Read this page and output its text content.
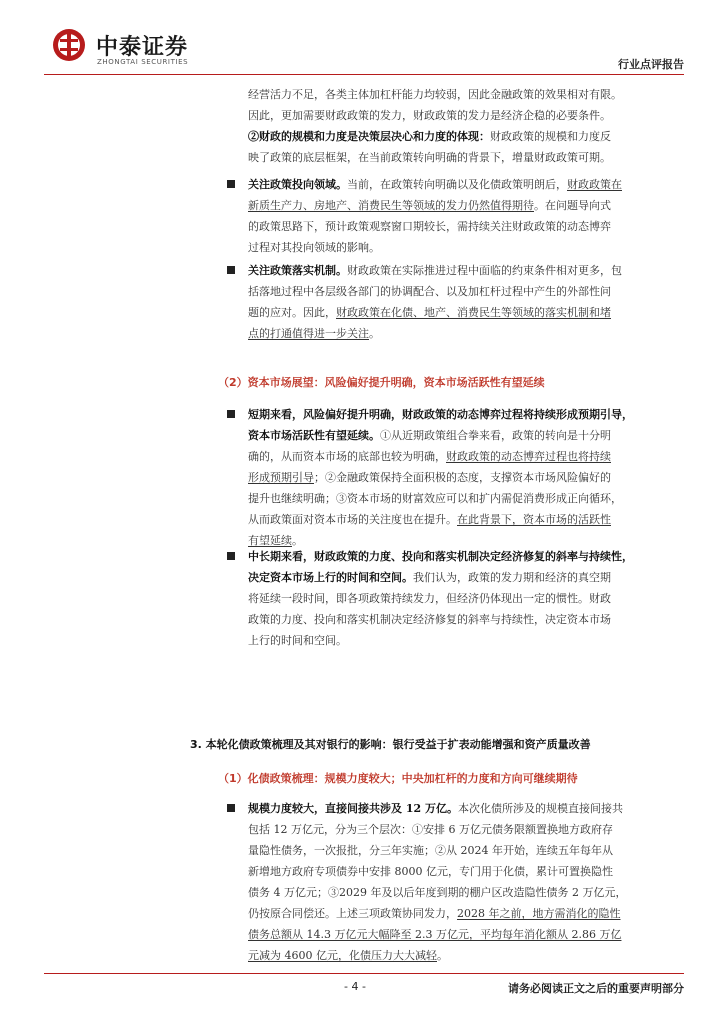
中泰证券
ZHONGTAI SECURITIES	行业点评报告
经营活力不足，各类主体加杠杆能力均较弱，因此金融政策的效果相对有限。
因此，更加需要财政政策的发力，财政政策的发力是经济企稳的必要条件。
②财政的规模和力度是决策层决心和力度的体现：财政政策的规模和力度反
映了政策的底层框架，在当前政策转向明确的背景下，增量财政政策可期。
关注政策投向领域。当前，在政策转向明确以及化债政策明朗后，财政政策在
新质生产力、房地产、消费民生等领域的发力仍然值得期待。在问题导向式
的政策思路下，预计政策观察窗口期较长，需持续关注财政政策的动态博弈
过程对其投向领域的影响。
关注政策落实机制。财政政策在实际推进过程中面临的约束条件相对更多，包
括落地过程中各层级各部门的协调配合、以及加杠杆过程中产生的外部性问
题的应对。因此，财政政策在化债、地产、消费民生等领域的落实机制和堵
点的打通值得进一步关注。
（2）资本市场展望：风险偏好提升明确，资本市场活跃性有望延续
短期来看，风险偏好提升明确，财政政策的动态博弈过程将持续形成预期引导，
资本市场活跃性有望延续。①从近期政策组合拳来看，政策的转向是十分明
确的，从而资本市场的底部也较为明确，财政政策的动态博弈过程也将持续
形成预期引导；②金融政策保持全面积极的态度，支撑资本市场风险偏好的
提升也继续明确；③资本市场的财富效应可以和扩内需促消费形成正向循环，
从而政策面对资本市场的关注度也在提升。在此背景下，资本市场的活跃性
有望延续。
中长期来看，财政政策的力度、投向和落实机制决定经济修复的斜率与持续性，
决定资本市场上行的时间和空间。我们认为，政策的发力期和经济的真空期
将延续一段时间，即各项政策持续发力，但经济仍体现出一定的惯性。财政
政策的力度、投向和落实机制决定经济修复的斜率与持续性，决定资本市场
上行的时间和空间。
3. 本轮化债政策梳理及其对银行的影响：银行受益于扩表动能增强和资产质量改善
（1）化债政策梳理：规模力度较大；中央加杠杆的力度和方向可继续期待
规模力度较大，直接间接共涉及 12 万亿。本次化债所涉及的规模直接间接共
包括 12 万亿元，分为三个层次：①安排 6 万亿元债务限额置换地方政府存
量隐性债务，一次报批，分三年实施；②从 2024 年开始，连续五年每年从
新增地方政府专项债券中安排 8000 亿元，专门用于化债，累计可置换隐性
债务 4 万亿元；③2029 年及以后年度到期的棚户区改造隐性债务 2 万亿元，
仍按原合同偿还。上述三项政策协同发力，2028 年之前，地方需消化的隐性
债务总额从 14.3 万亿元大幅降至 2.3 万亿元，平均每年消化额从 2.86 万亿
元减为 4600 亿元，化债压力大大减轻。
- 4 -	请务必阅读正文之后的重要声明部分
